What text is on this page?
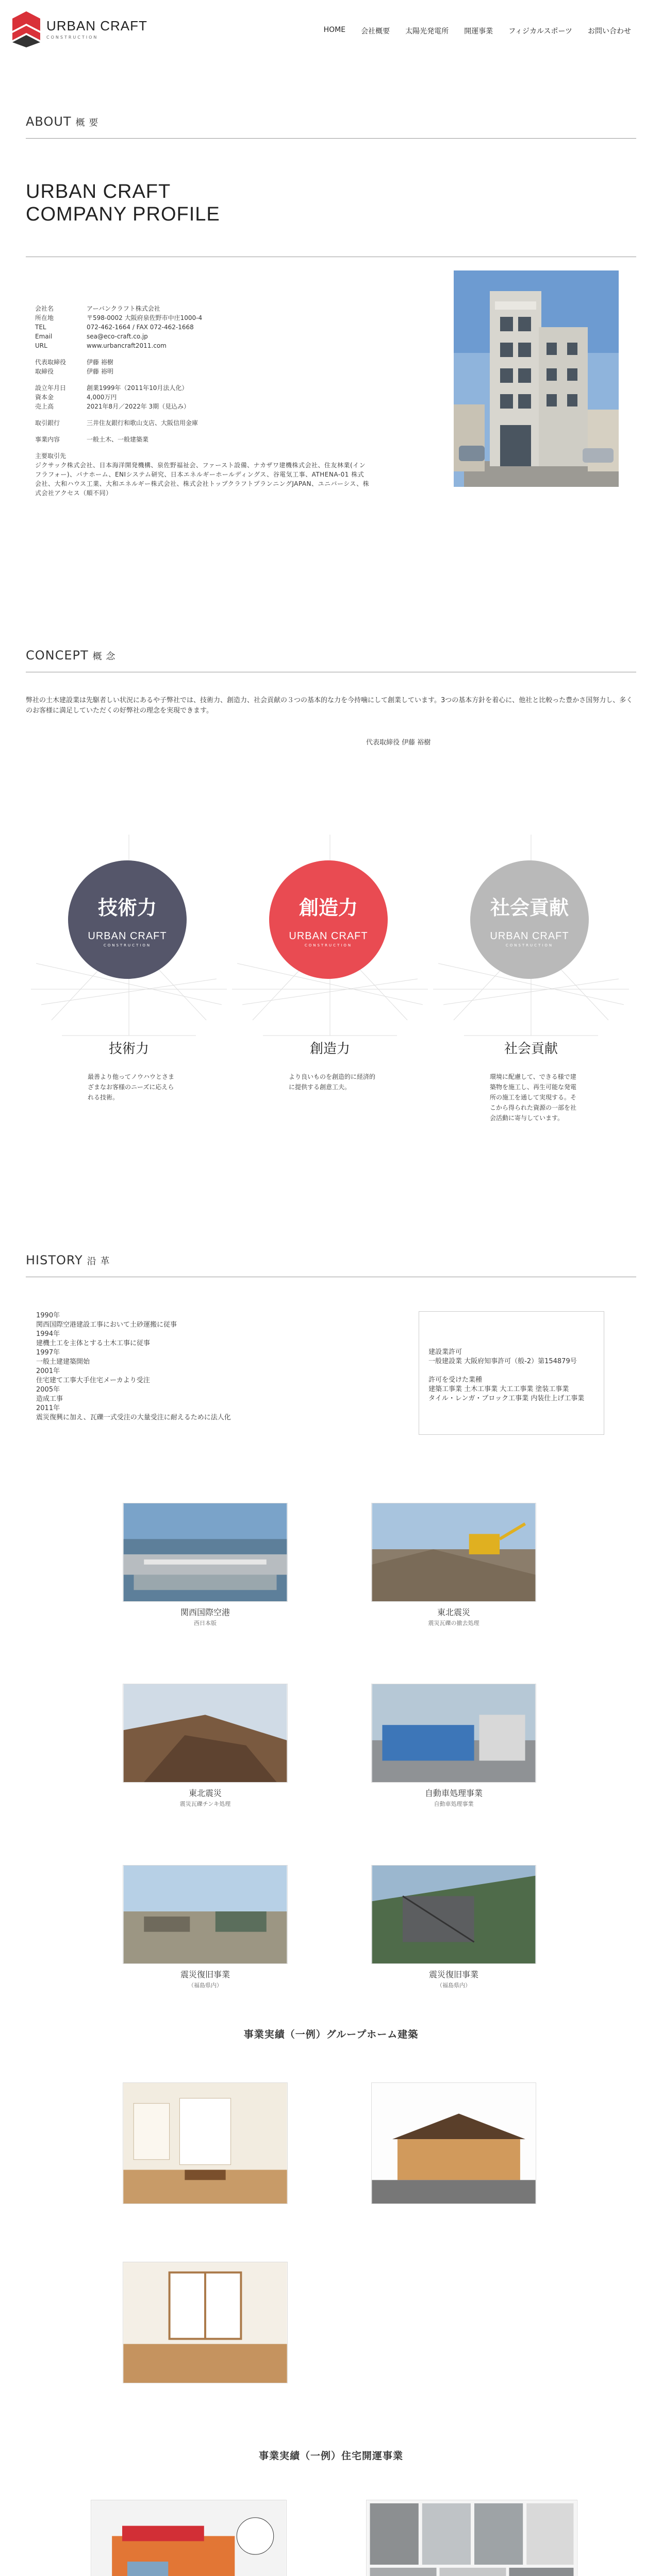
URBAN CRAFT
CONSTRUCTION
HOME 会社概要 太陽光発電所 開運事業 フィジカルスポーツ お問い合わせ
ABOUT 概 要
URBAN CRAFT
COMPANY PROFILE
会社名	アーバンクラフト株式会社
所在地	〒598-0002 大阪府泉佐野市中庄1000-4
TEL	072-462-1664 / FAX 072-462-1668
Email	sea@eco-craft.co.jp
URL	www.urbancraft2011.com
代表取締役	伊藤 裕樹
取締役	伊藤 裕明
設立年月日	創業1999年（2011年10月法人化）
資本金	4,000万円
売上高	2021年8月／2022年 3期（見込み）
取引銀行	三井住友銀行和歌山支店、大阪信用金庫
事業内容	一般土木、一般建築業
主要取引先
ジクサック株式会社、日本海洋開発機構、泉佐野福祉会、ファースト設備、ナカザワ建機株式会社、住友林業(インフラフォー)、パナホーム、ENIシステム研究、日本エネルギーホールディングス、谷電気工事、ATHENA-01 株式会社、大和ハウス工業、大和エネルギー株式会社、株式会社トップクラフトプランニングJAPAN、ユニバーシス、株式会社アクセス（順不同）
CONCEPT 概 念
弊社の土木建設業は先駆者しい状況にあるや子弊社では、技術力、創造力、社会貢献の３つの基本的な力を今持噛にして創業しています。3つの基本方針を着心に、他社と比較った豊かさ国努力し、多くのお客様に満足していただくの好弊社の理念を実現できます。
代表取締役 伊藤 裕樹
技術力
URBAN CRAFT
CONSTRUCTION
技術力
最善より他ってノウハウとさまざまなお客様のニーズに応えられる技術。
創造力
URBAN CRAFT
CONSTRUCTION
創造力
より良いものを創造的に経済的に提供する創意工夫。
社会貢献
URBAN CRAFT
CONSTRUCTION
社会貢献
環境に配慮して、できる様で建築物を施工し、再生可能な発電所の施工を通して実現する。そこから得られた資源の一部を社会活動に寄与しています。
HISTORY 沿 革
1990年
関西国際空港建設工事において土砂運搬に従事
1994年
建機土工を主体とする土木工事に従事
1997年
一般土建建築開始
2001年
住宅建て工事大手住宅メーカより受注
2005年
造成工事
2011年
震災復興に加え、瓦礫一式受注の大量受注に耐えるために法人化
建設業許可
一般建設業 大阪府知事許可（般-2）第154879号
許可を受けた業種
建築工事業 土木工事業 大工工事業 塗装工事業
タイル・レンガ・ブロック工事業 内装仕上げ工事業
関西国際空港
西日本版
東北震災
震災瓦礫の撤去処理
東北震災
震災瓦礫チンキ処理
自動車処理事業
自動車処理事業
震災復旧事業
（福島県内）
震災復旧事業
（福島県内）
事業実績（一例）グループホーム建築
事業実績（一例）住宅開運事業
